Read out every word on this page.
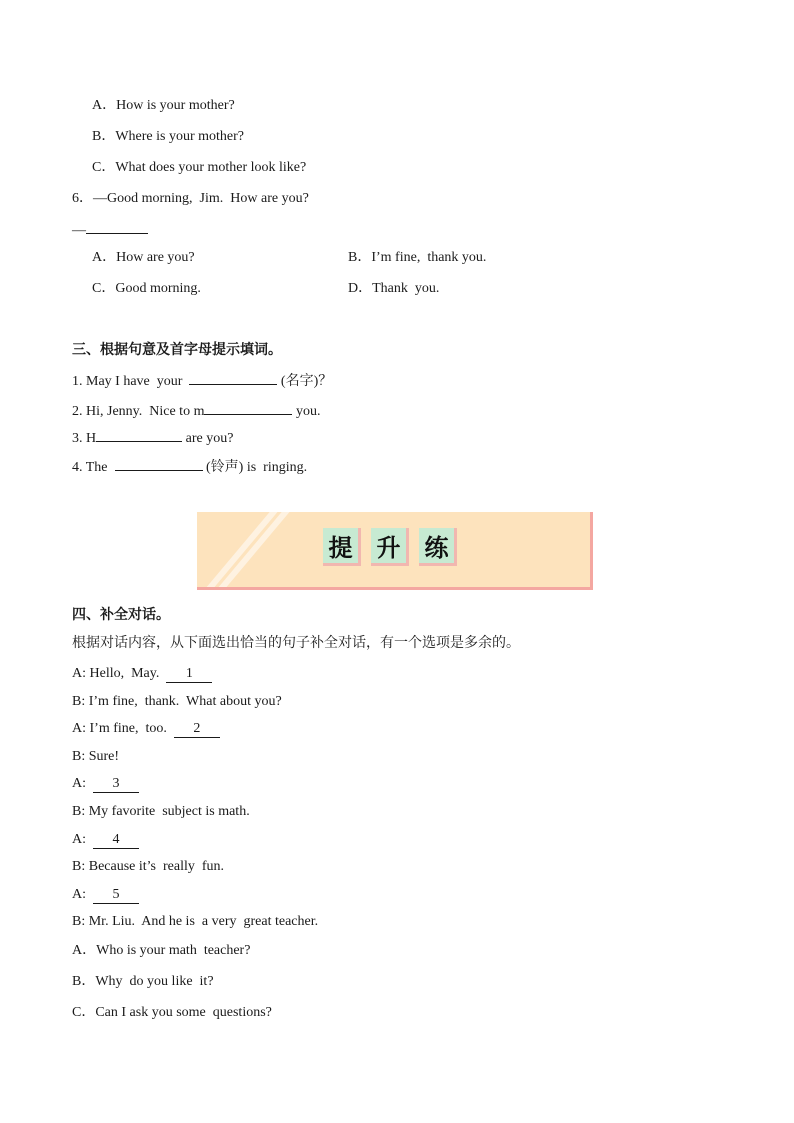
A．How is your mother?
B．Where is your mother?
C．What does your mother look like?
6．—Good morning,  Jim.  How are you?
—
A．How are you?	B．I’m fine,  thank you.
C．Good morning.	D．Thank  you.
三、根据句意及首字母提示填词。
1. May I have  your	(名字)？
2. Hi, Jenny.  Nice to m	you.
3. H	are you?
4. The	(铃声) is  ringing.
提	升	练
四、补全对话。
根据对话内容，从下面选出恰当的句子补全对话，有一个选项是多余的。
A: Hello,  May.  1
B: I’m fine,  thank.  What about you?
A: I’m fine,  too.  2
B: Sure!
A:  3
B: My favorite  subject is math.
A:  4
B: Because it’s  really  fun.
A:  5
B: Mr. Liu.  And he is  a very  great teacher.
A．Who is your math  teacher?
B．Why  do you like  it?
C．Can I ask you some  questions?
